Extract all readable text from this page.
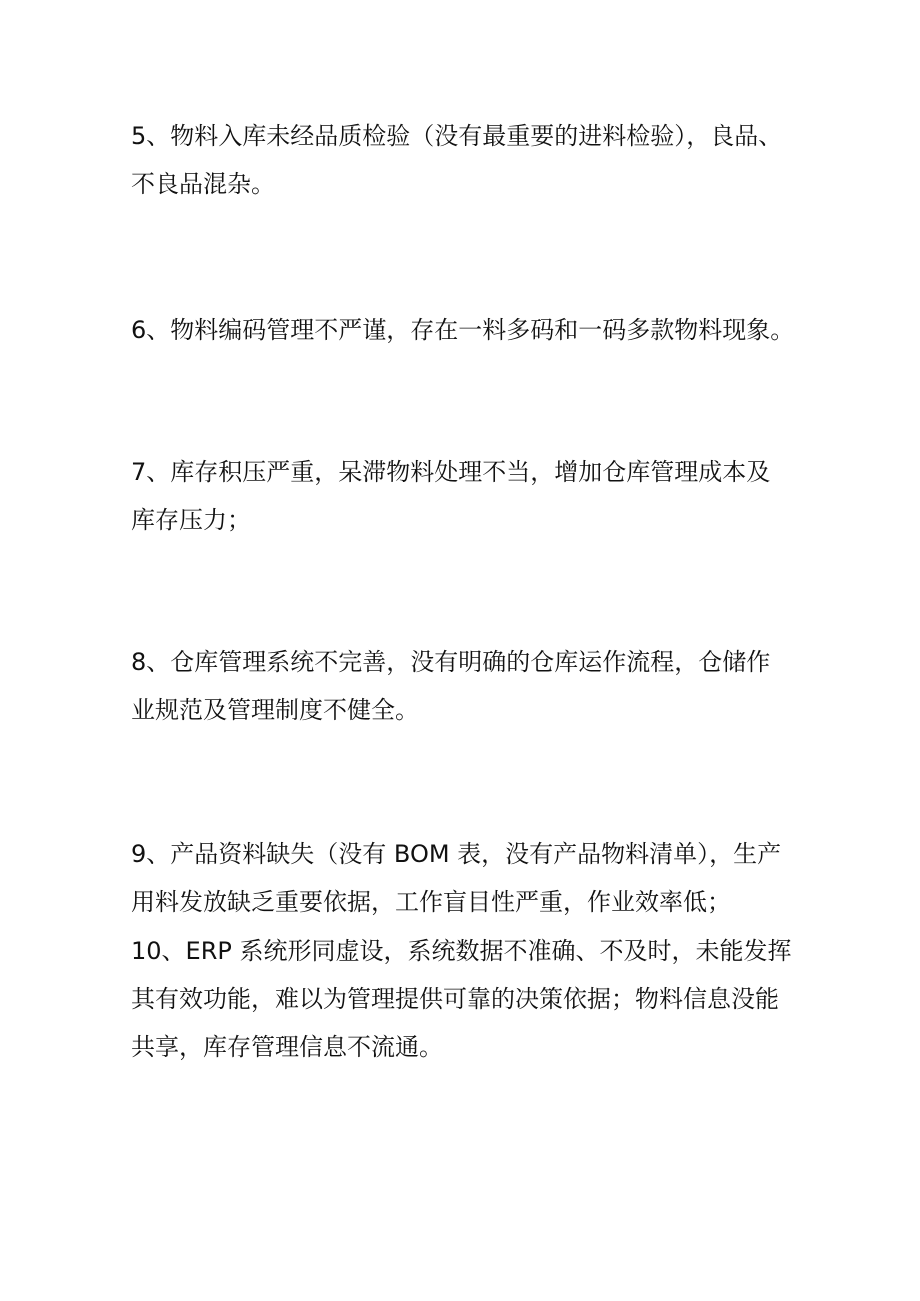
5、物料入库未经品质检验（没有最重要的进料检验），良品、
不良品混杂。

6、物料编码管理不严谨，存在一料多码和一码多款物料现象。

7、库存积压严重，呆滞物料处理不当，增加仓库管理成本及
库存压力；

8、仓库管理系统不完善，没有明确的仓库运作流程，仓储作
业规范及管理制度不健全。

9、产品资料缺失（没有 BOM 表，没有产品物料清单），生产
用料发放缺乏重要依据，工作盲目性严重，作业效率低；

10、ERP 系统形同虚设，系统数据不准确、不及时，未能发挥
其有效功能，难以为管理提供可靠的决策依据；物料信息没能
共享，库存管理信息不流通。
